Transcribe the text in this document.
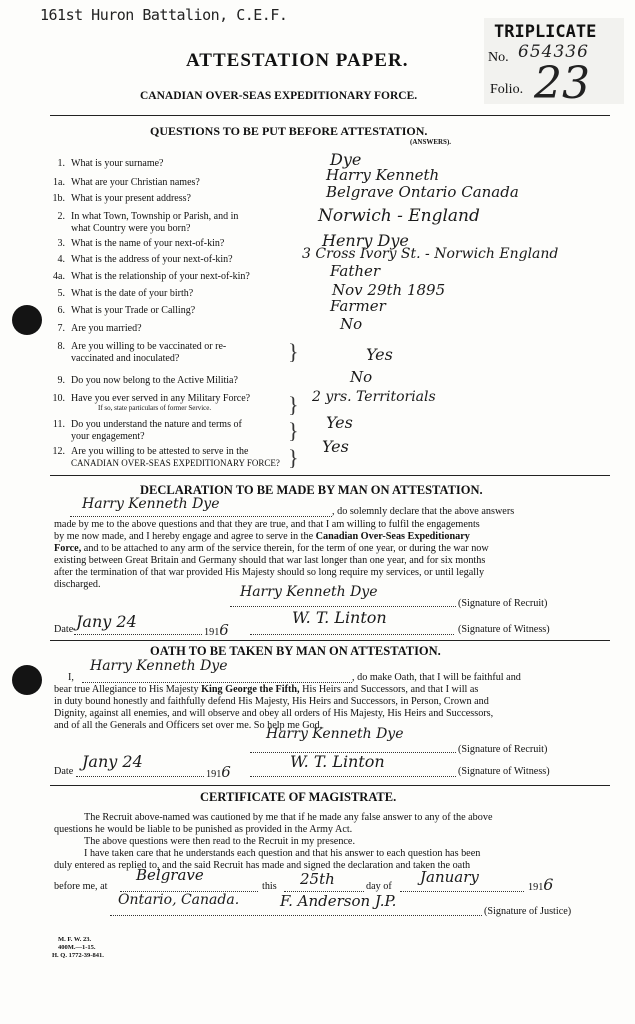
161st Huron Battalion, C.E.F.
TRIPLICATE
No. 654336
Folio. 23
ATTESTATION PAPER.
CANADIAN OVER-SEAS EXPEDITIONARY FORCE.
QUESTIONS TO BE PUT BEFORE ATTESTATION.
(ANSWERS).
1. What is your surname?	Dye
1a. What are your Christian names?	Harry Kenneth
1b. What is your present address?	Belgrave Ontario Canada
2. In what Town, Township or Parish, and in
what Country were you born?
Norwich - England
3. What is the name of your next-of-kin?	Henry Dye
4. What is the address of your next-of-kin?	3 Cross Ivory St. - Norwich England
4a. What is the relationship of your next-of-kin?	Father
5. What is the date of your birth?	Nov 29th 1895
6. What is your Trade or Calling?	Farmer
7. Are you married?	No
8. Are you willing to be vaccinated or re-
vaccinated and inoculated?	Yes
9. Do you now belong to the Active Militia?	No
10. Have you ever served in any Military Force?
If so, state particulars of former Service.
2 yrs. Territorials
11. Do you understand the nature and terms of
your engagement?
Yes
12. Are you willing to be attested to serve in the
CANADIAN OVER-SEAS EXPEDITIONARY FORCE?
Yes
}
}
}
}
DECLARATION TO BE MADE BY MAN ON ATTESTATION.
Harry Kenneth Dye	, do solemnly declare that the above answers
made by me to the above questions and that they are true, and that I am willing to fulfil the engagements
by me now made, and I hereby engage and agree to serve in the Canadian Over-Seas Expeditionary
Force, and to be attached to any arm of the service therein, for the term of one year, or during the war now
existing between Great Britain and Germany should that war last longer than one year, and for six months
after the termination of that war provided His Majesty should so long require my services, or until legally
discharged.	Harry Kenneth Dye
(Signature of Recruit)
Date Jany 24
1916
W. T. Linton
(Signature of Witness)
OATH TO BE TAKEN BY MAN ON ATTESTATION.
I,
Harry Kenneth Dye
, do make Oath, that I will be faithful and
bear true Allegiance to His Majesty King George the Fifth, His Heirs and Successors, and that I will as
in duty bound honestly and faithfully defend His Majesty, His Heirs and Successors, in Person, Crown and
Dignity, against all enemies, and will observe and obey all orders of His Majesty, His Heirs and Successors,
and of all the Generals and Officers set over me. So help me God.
Harry Kenneth Dye
(Signature of Recruit)
Date
Jany 24
1916
W. T. Linton
(Signature of Witness)
CERTIFICATE OF MAGISTRATE.
The Recruit above-named was cautioned by me that if he made any false answer to any of the above
questions he would be liable to be punished as provided in the Army Act.
The above questions were then read to the Recruit in my presence.
I have taken care that he understands each question and that his answer to each question has been
duly entered as replied to, and the said Recruit has made and signed the declaration and taken the oath
before me, at
Belgrave
this 25th	day of
January
1916
Ontario, Canada.	F. Anderson J.P.
(Signature of Justice)
M. F. W. 23.
400M.—1-15.
H. Q. 1772-39-841.
